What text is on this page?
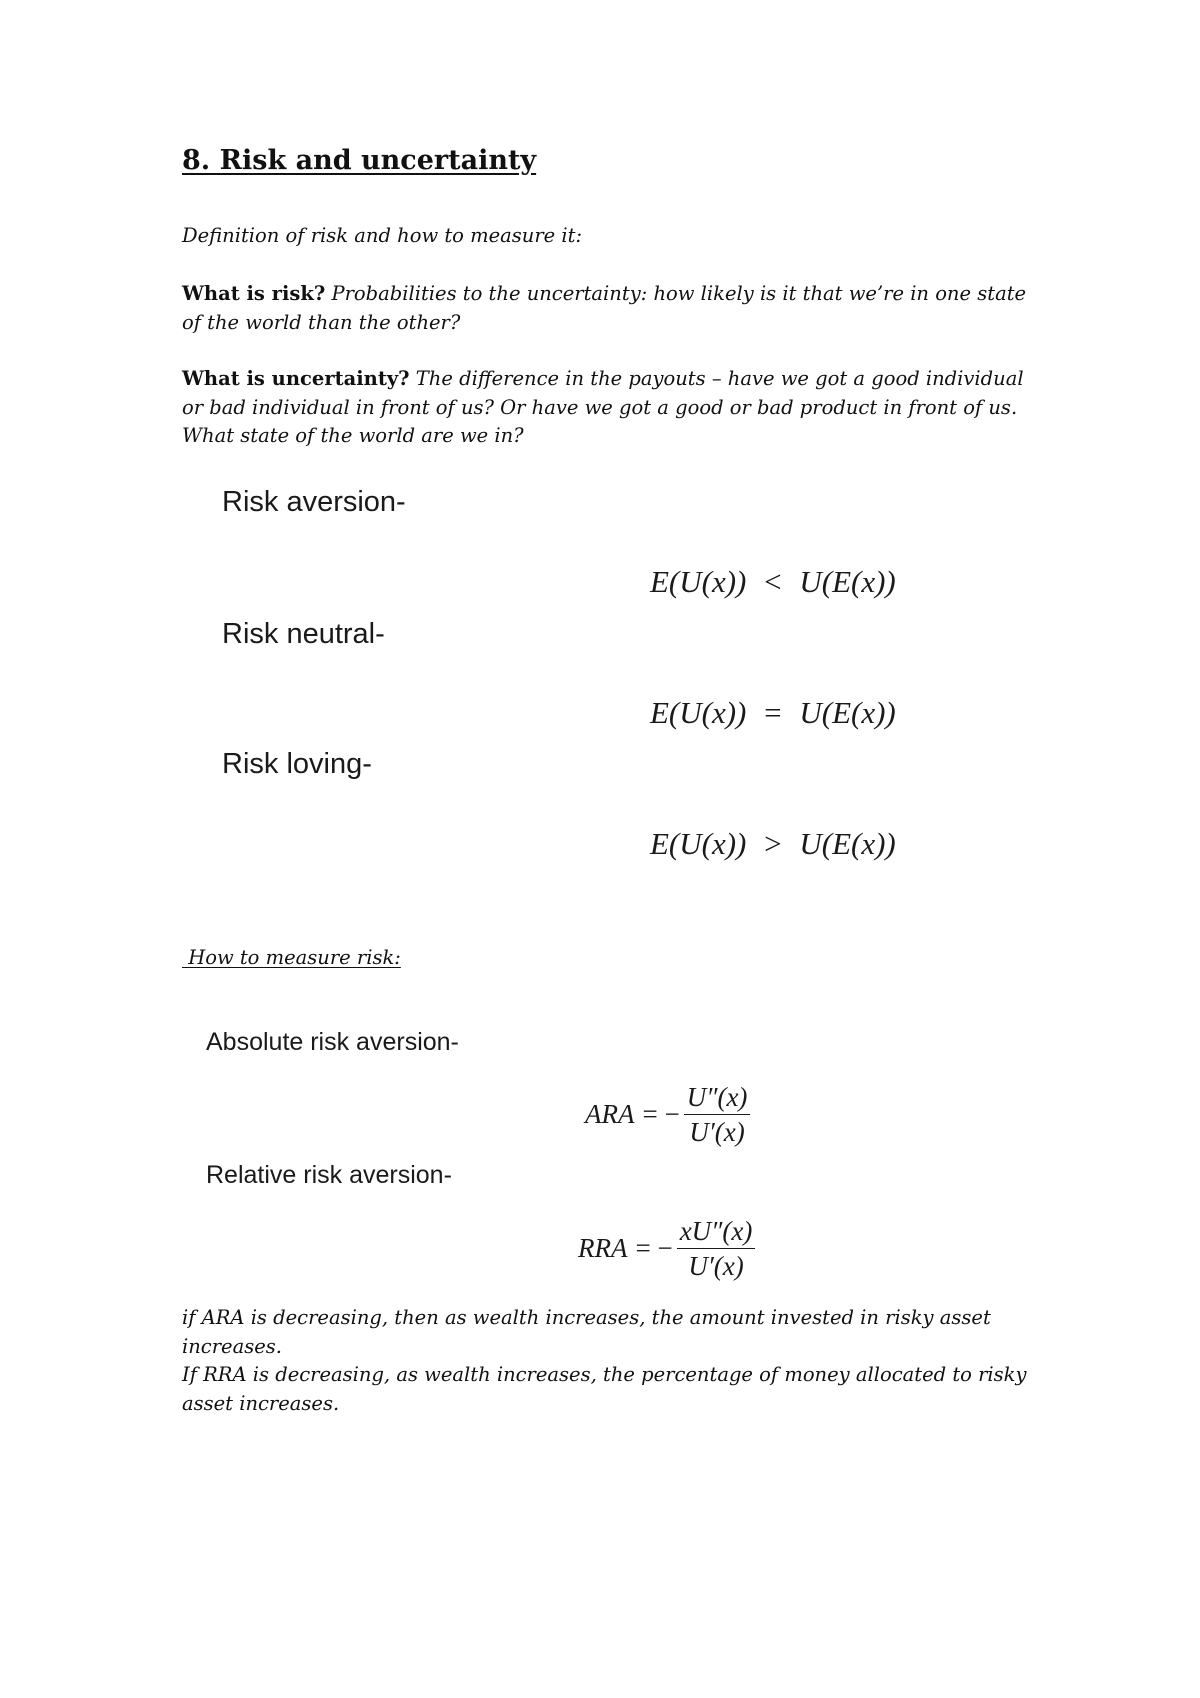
8. Risk and uncertainty
Definition of risk and how to measure it:
What is risk? Probabilities to the uncertainty: how likely is it that we’re in one state of the world than the other?
What is uncertainty? The difference in the payouts – have we got a good individual or bad individual in front of us? Or have we got a good or bad product in front of us. What state of the world are we in?
Risk aversion-
E(U(x)) < U(E(x))
Risk neutral-
E(U(x)) = U(E(x))
Risk loving-
E(U(x)) > U(E(x))
How to measure risk:
Absolute risk aversion-
ARA = − $\frac{U''(x)}{U'(x)}$
Relative risk aversion-
RRA = − $\frac{xU''(x)}{U'(x)}$
if ARA is decreasing, then as wealth increases, the amount invested in risky asset increases.
If RRA is decreasing, as wealth increases, the percentage of money allocated to risky asset increases.
